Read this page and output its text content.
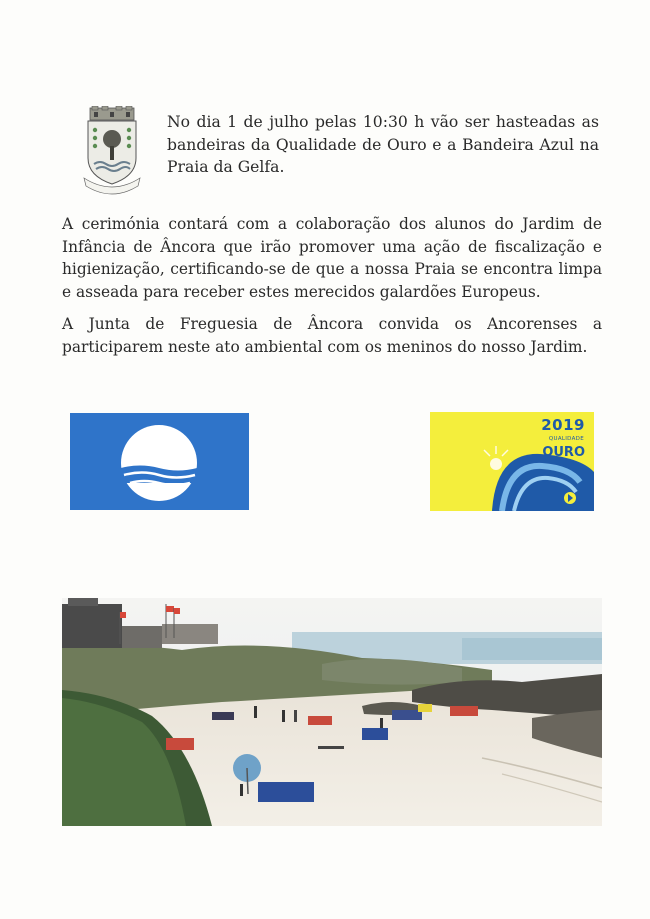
No dia 1 de julho pelas 10:30 h vão ser hasteadas as bandeiras da Qualidade de Ouro e a Bandeira Azul na Praia da Gelfa.

A cerimónia contará com a colaboração dos alunos do Jardim de Infância de Âncora que irão promover uma ação de fiscalização e higienização, certificando-se de que a nossa Praia se encontra limpa e asseada para receber estes merecidos galardões Europeus.

A Junta de Freguesia de Âncora convida os Ancorenses a participarem neste ato ambiental com os meninos do nosso Jardim.

2019
QUALIDADE
OURO
